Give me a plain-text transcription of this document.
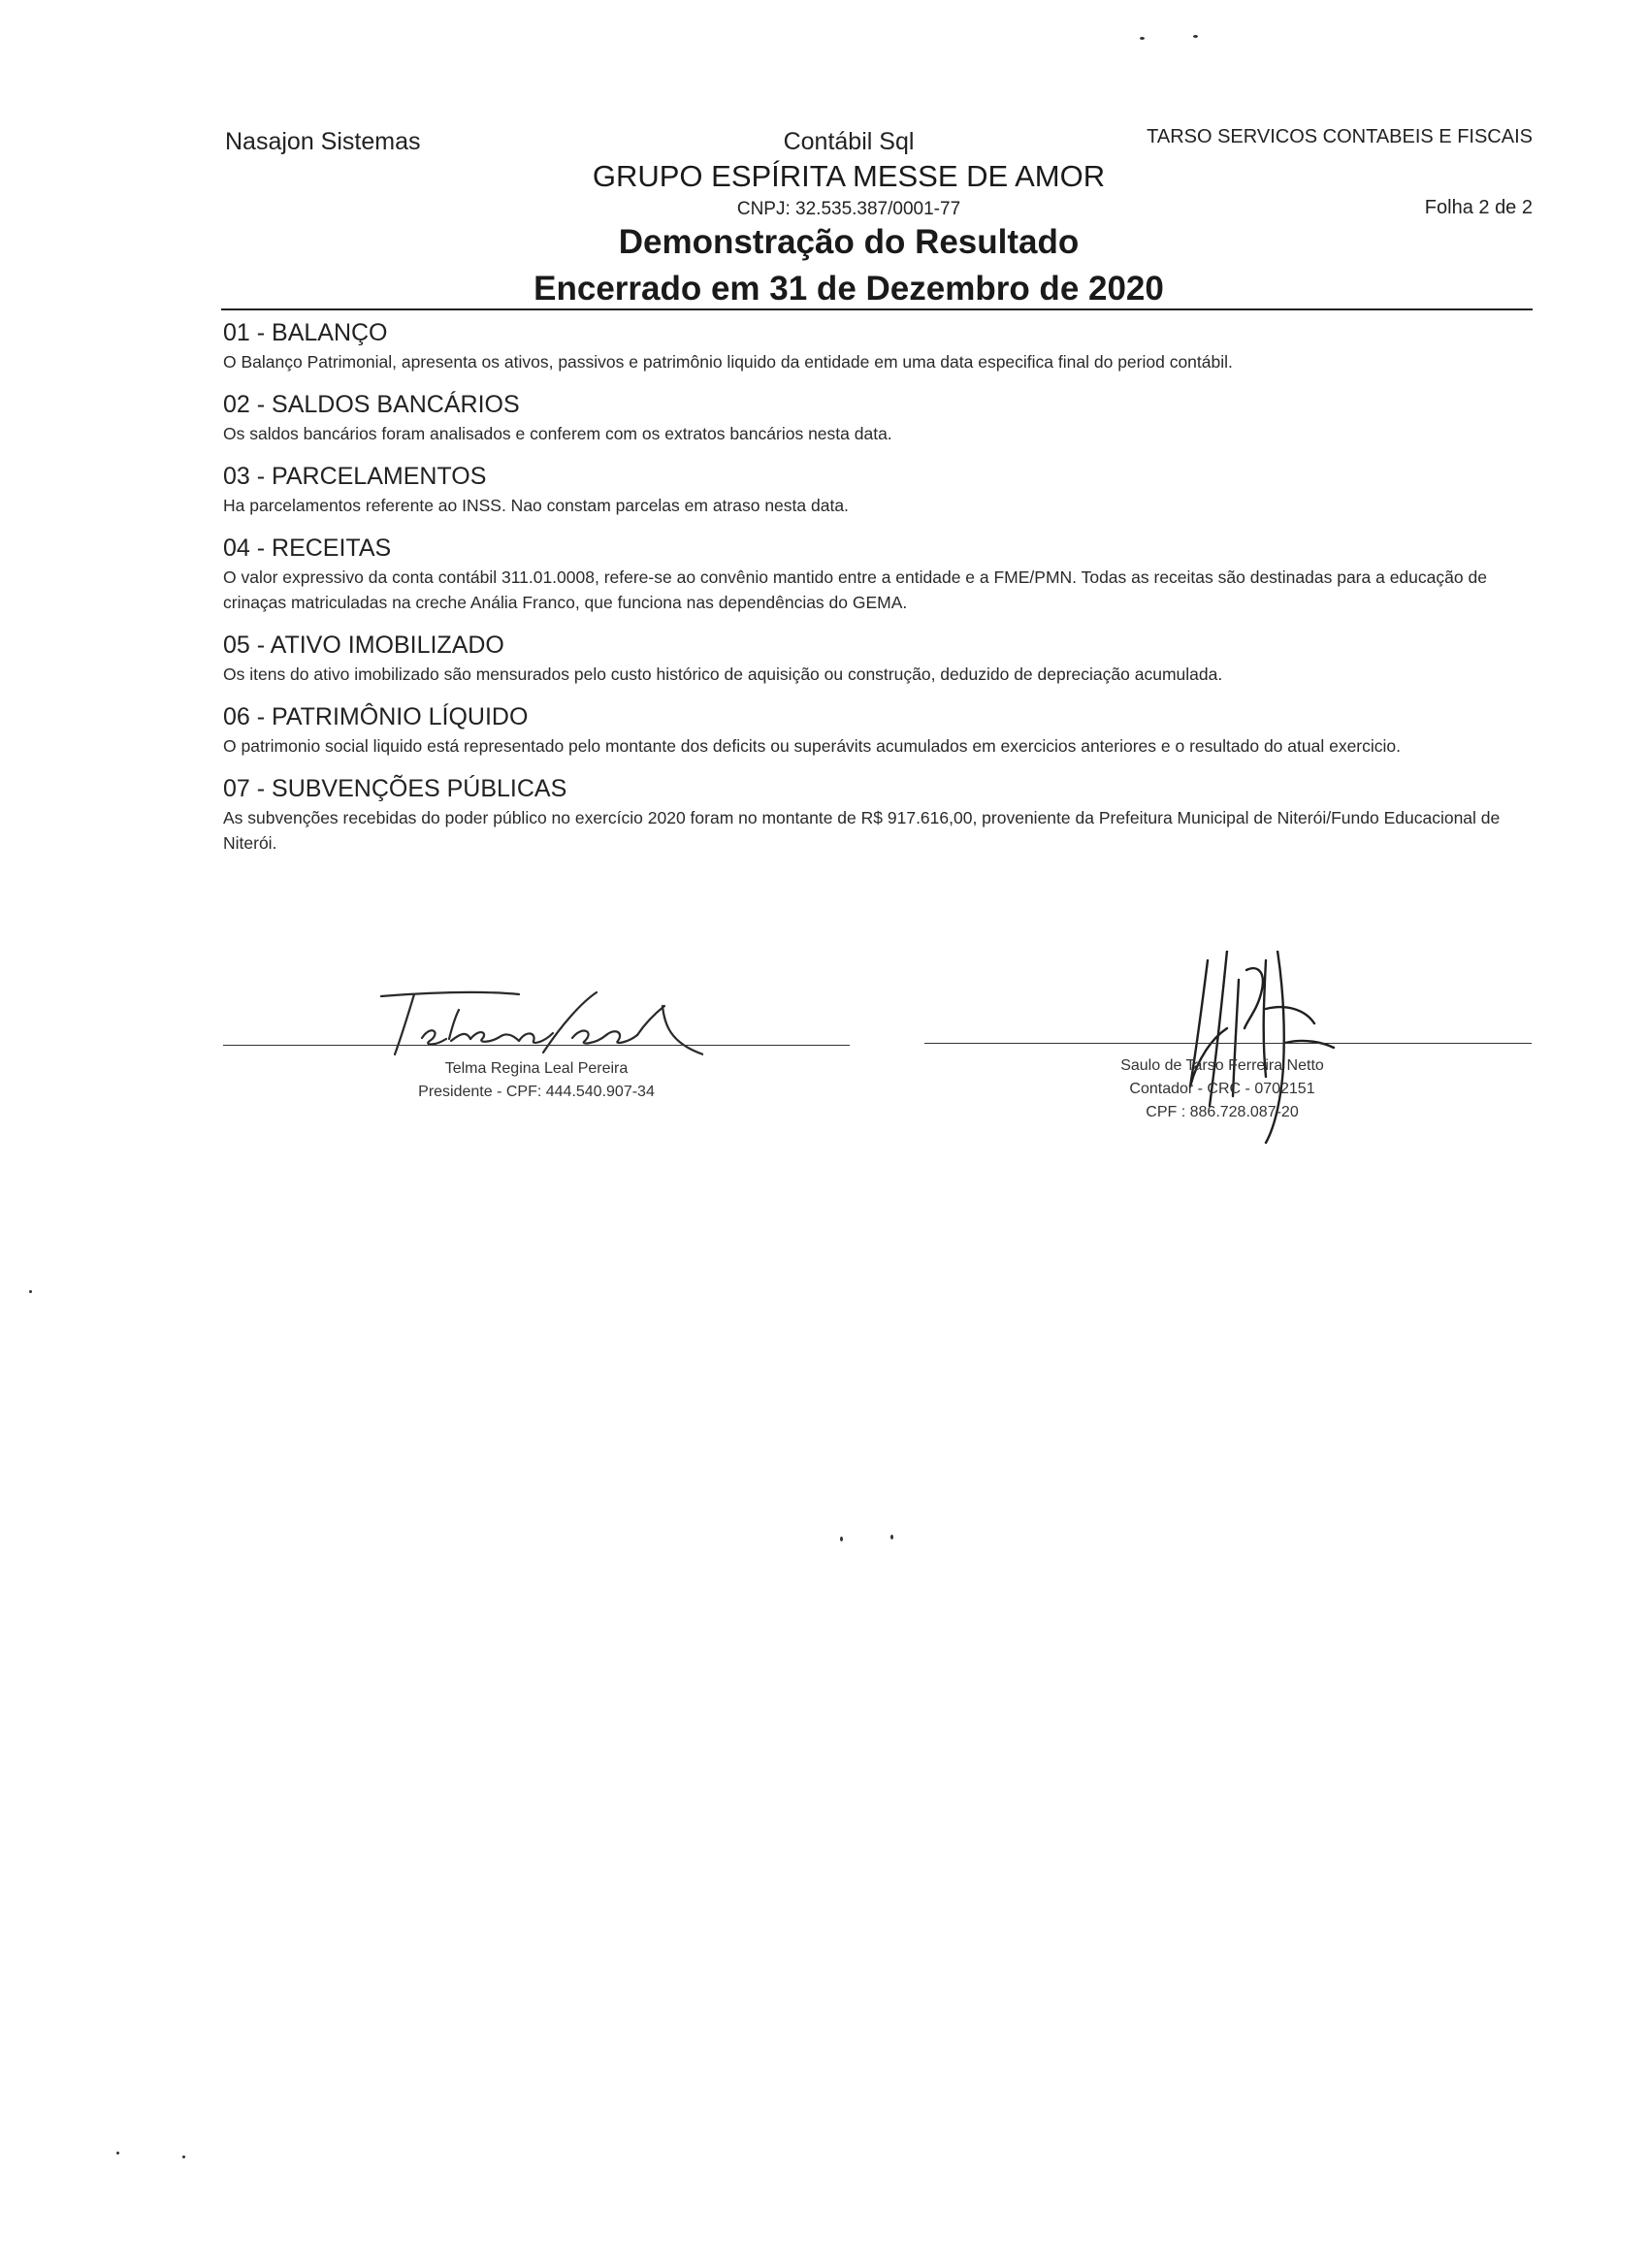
Nasajon Sistemas	Contábil Sql	TARSO SERVICOS CONTABEIS E FISCAIS
GRUPO ESPÍRITA MESSE DE AMOR
CNPJ: 32.535.387/0001-77	Folha 2 de 2
Demonstração do Resultado
Encerrado em 31 de Dezembro de 2020
01 - BALANÇO
O Balanço Patrimonial, apresenta os ativos, passivos e patrimônio liquido da entidade em uma data especifica final do period contábil.
02 - SALDOS BANCÁRIOS
Os saldos bancários foram analisados e conferem com os extratos bancários nesta data.
03 - PARCELAMENTOS
Ha parcelamentos referente ao INSS. Nao constam parcelas em atraso nesta data.
04 - RECEITAS
O valor expressivo da conta contábil 311.01.0008, refere-se ao convênio mantido entre a entidade e a FME/PMN. Todas as receitas são destinadas para a educação de crinaças matriculadas na creche Anália Franco, que funciona nas dependências do GEMA.
05 - ATIVO IMOBILIZADO
Os itens do ativo imobilizado são mensurados pelo custo histórico de aquisição ou construção, deduzido de depreciação acumulada.
06 - PATRIMÔNIO LÍQUIDO
O patrimonio social liquido está representado pelo montante dos deficits ou superávits acumulados em exercicios anteriores e o resultado do atual exercicio.
07 - SUBVENÇÕES PÚBLICAS
As subvenções recebidas do poder público no exercício 2020 foram no montante de R$ 917.616,00, proveniente da Prefeitura Municipal de Niterói/Fundo Educacional de Niterói.
Telma Regina Leal Pereira
Presidente - CPF: 444.540.907-34
Saulo de Tarso Ferreira Netto
Contador - CRC - 0702151
CPF : 886.728.087-20
